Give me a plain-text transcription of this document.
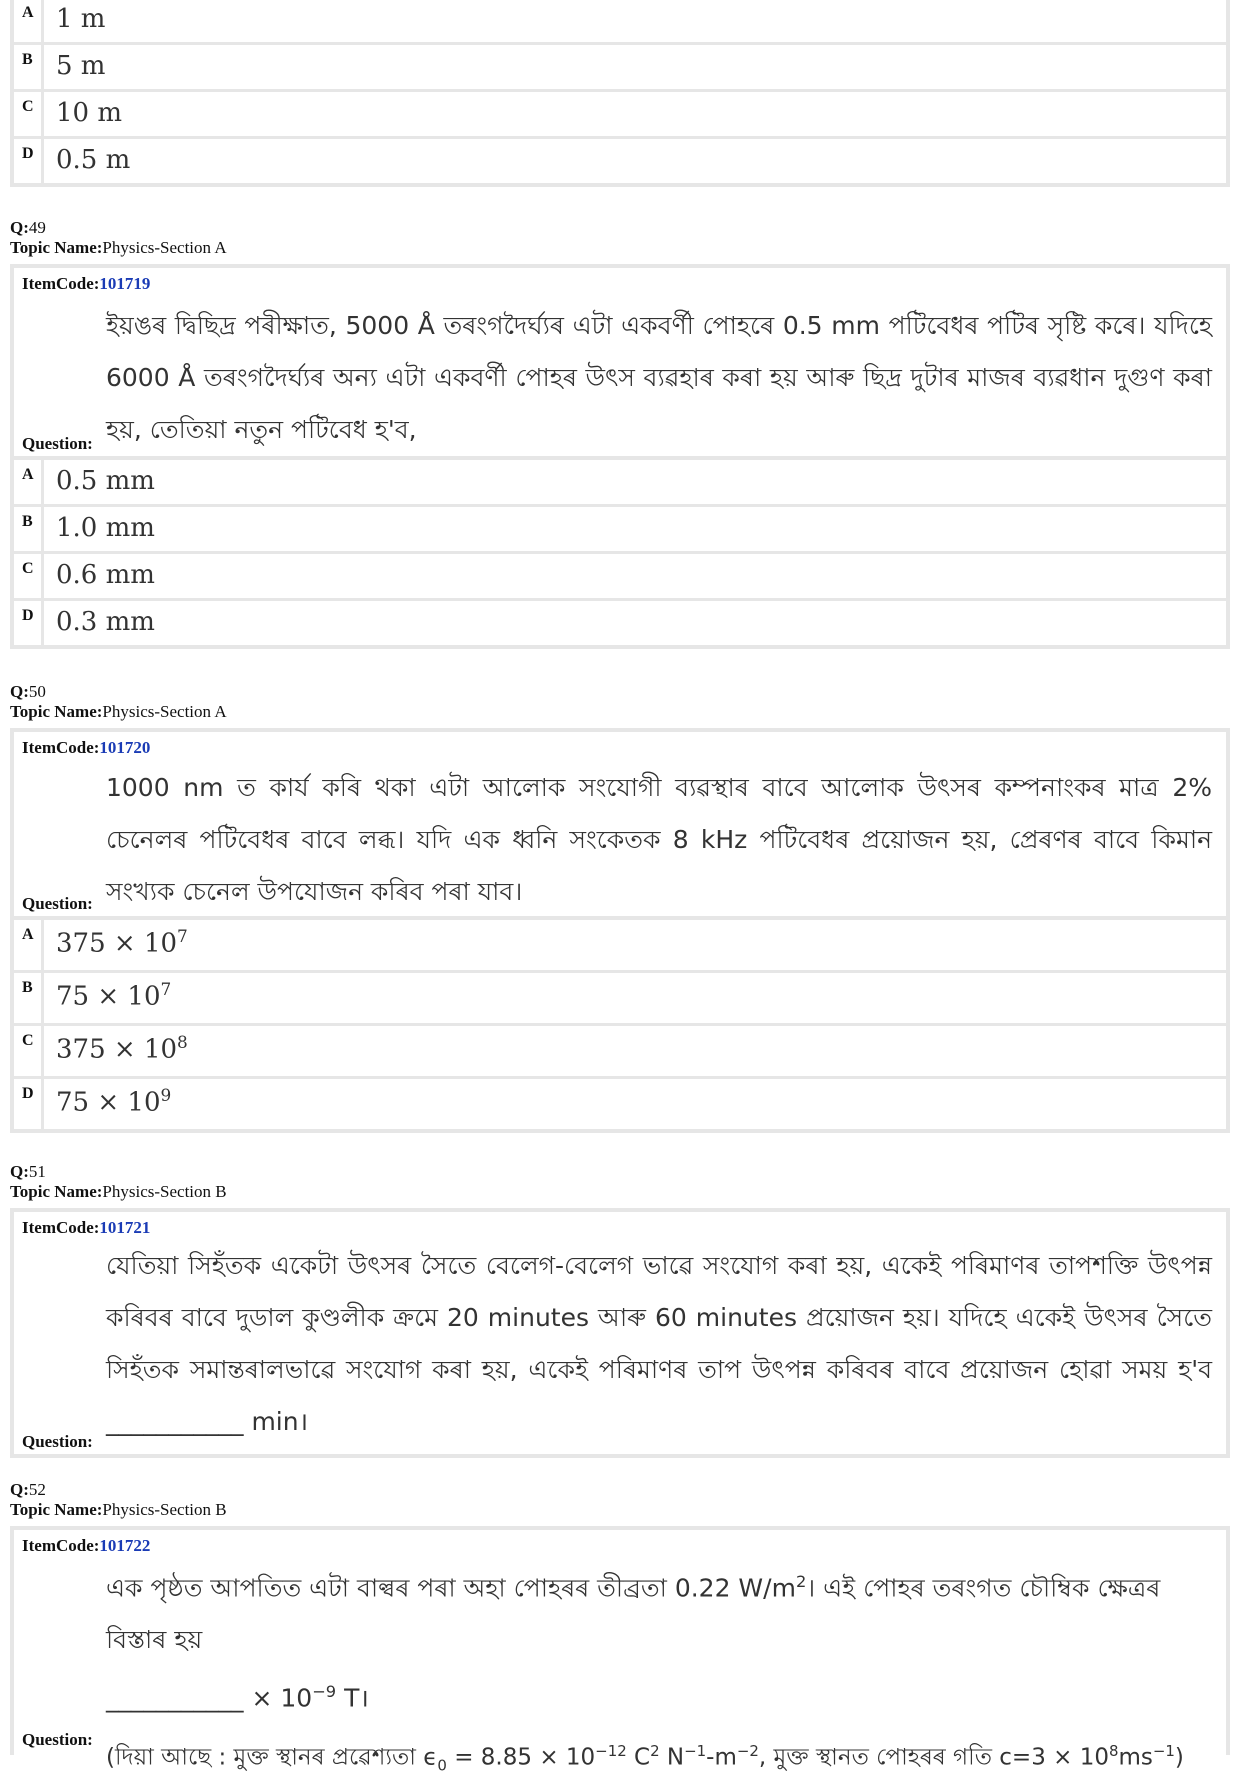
A 1 m
B 5 m
C 10 m
D 0.5 m
Q:49
Topic Name:Physics-Section A
ItemCode:101719
ইয়ঙৰ দ্বিছিদ্র পৰীক্ষাত, 5000 Å তৰংগদৈৰ্ঘ্যৰ এটা একবৰ্ণী পোহৰে 0.5 mm পটিবেধৰ পটিৰ সৃষ্টি কৰে। যদিহে 6000 Å তৰংগদৈৰ্ঘ্যৰ অন্য এটা একবৰ্ণী পোহৰ উৎস ব্যৱহাৰ কৰা হয় আৰু ছিদ্র দুটাৰ মাজৰ ব্যৱধান দুগুণ কৰা হয়, তেতিয়া নতুন পটিবেধ হ'ব,
Question:
A 0.5 mm
B 1.0 mm
C 0.6 mm
D 0.3 mm
Q:50
Topic Name:Physics-Section A
ItemCode:101720
1000 nm ত কাৰ্য কৰি থকা এটা আলোক সংযোগী ব্যৱস্থাৰ বাবে আলোক উৎসৰ কম্পনাংকৰ মাত্ৰ 2% চেনেলৰ পটিবেধৰ বাবে লব্ধ। যদি এক ধ্বনি সংকেতক 8 kHz পটিবেধৰ প্ৰয়োজন হয়, প্ৰেৰণৰ বাবে কিমান সংখ্যক চেনেল উপযোজন কৰিব পৰা যাব।
Question:
A $375 \times 10^7$
B $75 \times 10^7$
C $375 \times 10^8$
D $75 \times 10^9$
Q:51
Topic Name:Physics-Section B
ItemCode:101721
যেতিয়া সিহঁতক একেটা উৎসৰ সৈতে বেলেগ-বেলেগ ভাৱে সংযোগ কৰা হয়, একেই পৰিমাণৰ তাপশক্তি উৎপন্ন কৰিবৰ বাবে দুডাল কুণ্ডলীক ক্ৰমে 20 minutes আৰু 60 minutes প্ৰয়োজন হয়। যদিহে একেই উৎসৰ সৈতে সিহঁতক সমান্তৰালভাৱে সংযোগ কৰা হয়, একেই পৰিমাণৰ তাপ উৎপন্ন কৰিবৰ বাবে প্ৰয়োজন হোৱা সময় হ'ব ___________ min।
Question:
Q:52
Topic Name:Physics-Section B
ItemCode:101722
এক পৃষ্ঠত আপতিত এটা বাল্বৰ পৰা অহা পোহৰৰ তীব্ৰতা 0.22 $W/m^2।$ এই পোহৰ তৰংগত চৌম্বিক ক্ষেত্ৰৰ বিস্তাৰ হয়
___________ × $10^{-9}$ T।
(দিয়া আছে : মুক্ত স্থানৰ প্ৰৱেশ্যতা $\epsilon_0 = 8.85 \times 10^{-12}$ $C^2$ $N^{-1}-m^{-2}$, মুক্ত স্থানত পোহৰৰ গতি $c=3 \times 10^8ms^{-1}$)
Question:
